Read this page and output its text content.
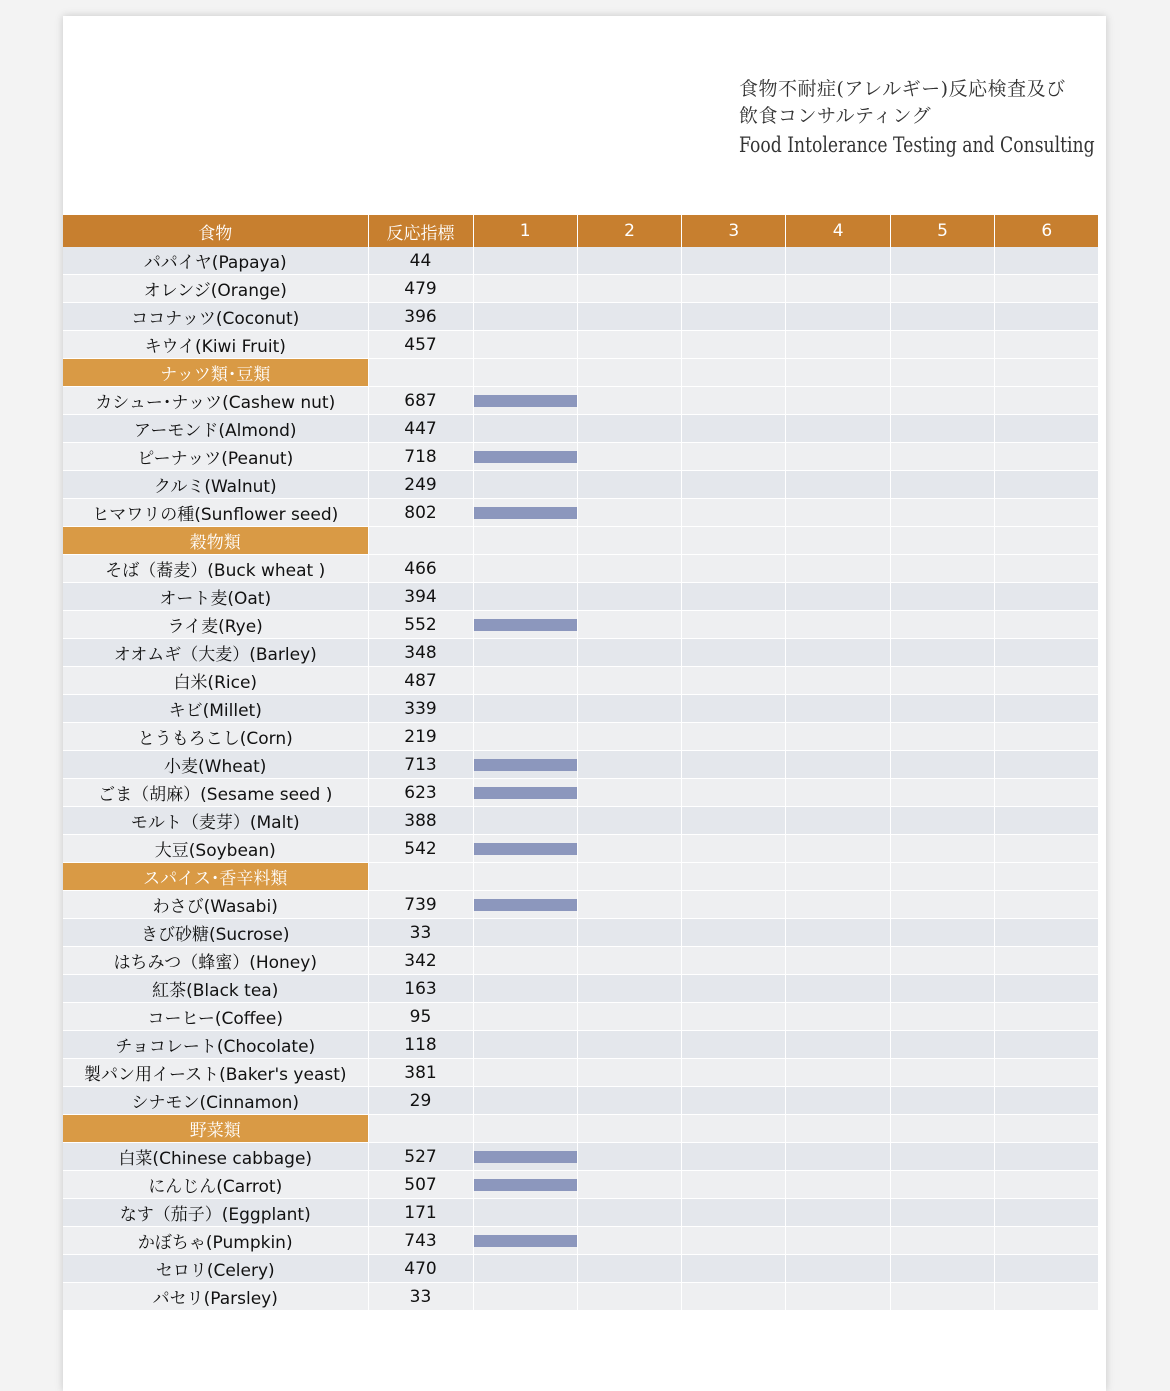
食物不耐症(アレルギー)反応検査及び
飲食コンサルティング
Food Intolerance Testing and Consulting
食物	反応指標	1	2	3	4	5	6
パパイヤ(Papaya)	44						
オレンジ(Orange)	479						
ココナッツ(Coconut)	396						
キウイ(Kiwi Fruit)	457						
ナッツ類･豆類							
カシュー･ナッツ(Cashew nut)	687	

アーモンド(Almond)	447						
ピーナッツ(Peanut)	718	

クルミ(Walnut)	249						
ヒマワリの種(Sunflower seed)	802	

穀物類							
そば（蕎麦）(Buck wheat )	466						
オート麦(Oat)	394						
ライ麦(Rye)	552	

オオムギ（大麦）(Barley)	348						
白米(Rice)	487						
キビ(Millet)	339						
とうもろこし(Corn)	219						
小麦(Wheat)	713	

ごま（胡麻）(Sesame seed )	623	

モルト（麦芽）(Malt)	388						
大豆(Soybean)	542	

スパイス･香辛料類							
わさび(Wasabi)	739	

きび砂糖(Sucrose)	33						
はちみつ（蜂蜜）(Honey)	342						
紅茶(Black tea)	163						
コーヒー(Coffee)	95						
チョコレート(Chocolate)	118						
製パン用イースト(Baker's yeast)	381						
シナモン(Cinnamon)	29						
野菜類							
白菜(Chinese cabbage)	527	

にんじん(Carrot)	507	

なす（茄子）(Eggplant)	171						
かぼちゃ(Pumpkin)	743	

セロリ(Celery)	470						
パセリ(Parsley)	33						
